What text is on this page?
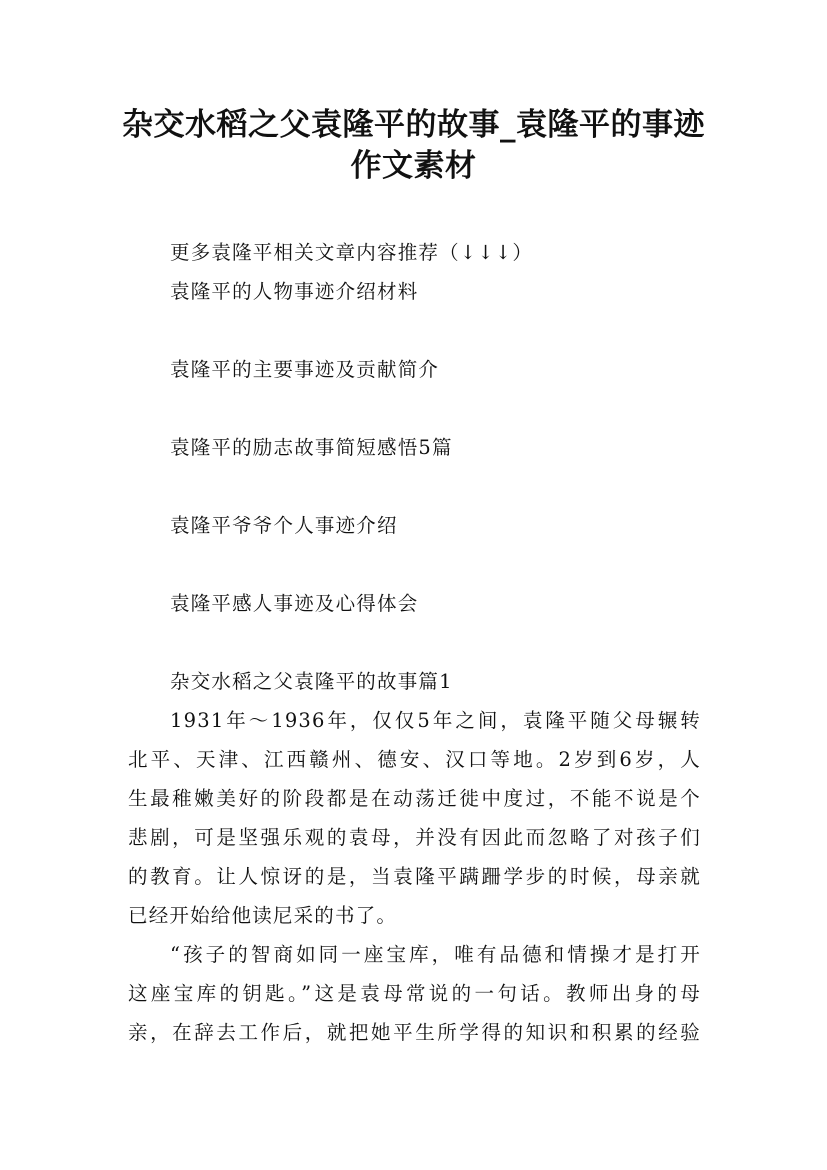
杂交水稻之父袁隆平的故事_袁隆平的事迹
作文素材
更多袁隆平相关文章内容推荐（↓↓↓）
袁隆平的人物事迹介绍材料
袁隆平的主要事迹及贡献简介
袁隆平的励志故事简短感悟5篇
袁隆平爷爷个人事迹介绍
袁隆平感人事迹及心得体会
杂交水稻之父袁隆平的故事篇1
1931年～1936年，仅仅5年之间，袁隆平随父母辗转
北平、天津、江西赣州、德安、汉口等地。2岁到6岁，人
生最稚嫩美好的阶段都是在动荡迁徙中度过，不能不说是个
悲剧，可是坚强乐观的袁母，并没有因此而忽略了对孩子们
的教育。让人惊讶的是，当袁隆平蹒跚学步的时候，母亲就
已经开始给他读尼采的书了。
“孩子的智商如同一座宝库，唯有品德和情操才是打开
这座宝库的钥匙。”这是袁母常说的一句话。教师出身的母
亲，在辞去工作后，就把她平生所学得的知识和积累的经验
